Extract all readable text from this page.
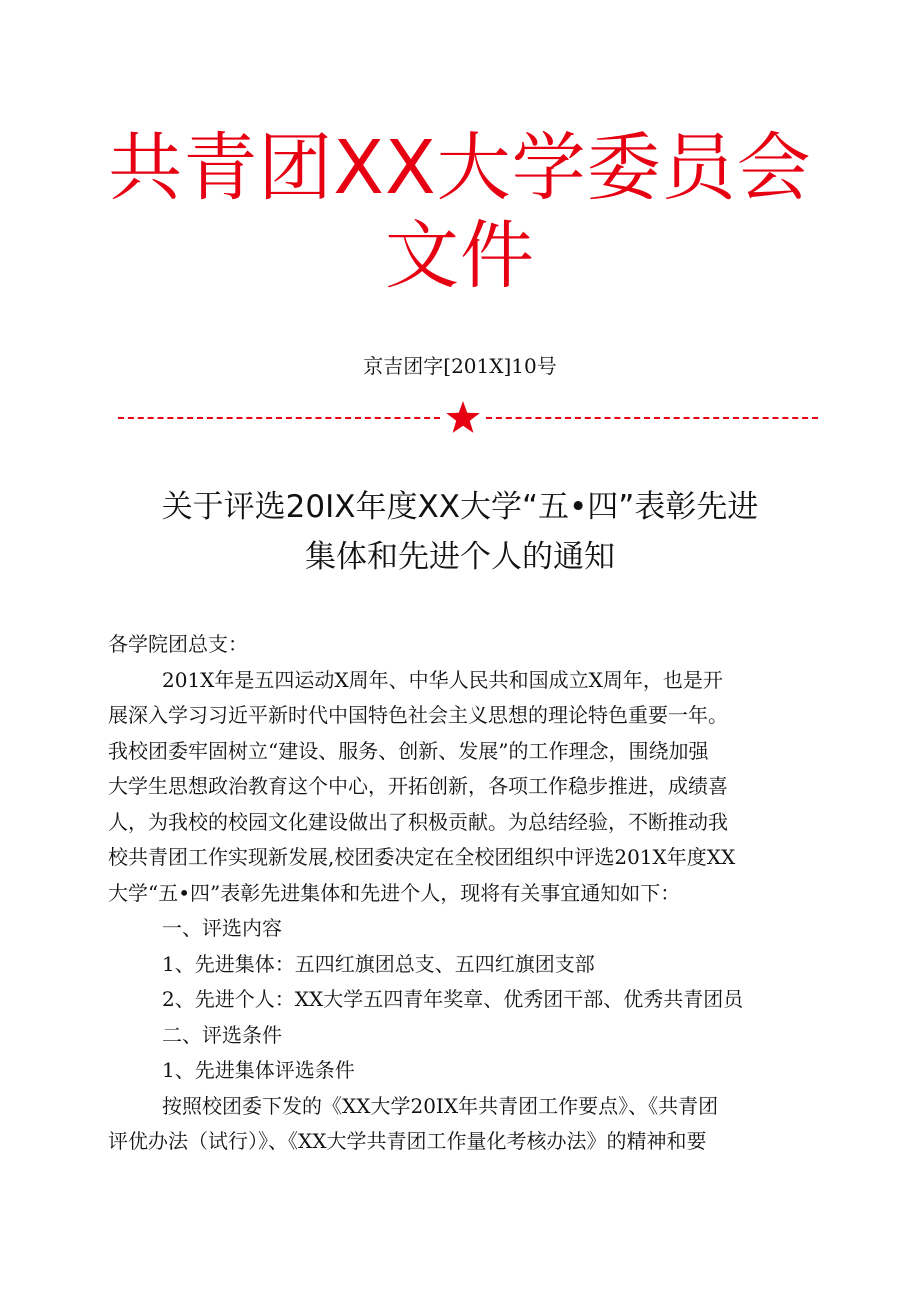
共青团XX大学委员会
文件
京吉团字[201X]10号
关于评选20IX年度XX大学“五•四”表彰先进
集体和先进个人的通知

各学院团总支：

201X年是五四运动X周年、中华人民共和国成立X周年，也是开

展深入学习习近平新时代中国特色社会主义思想的理论特色重要一年。

我校团委牢固树立“建设、服务、创新、发展”的工作理念，围绕加强

大学生思想政治教育这个中心，开拓创新，各项工作稳步推进，成绩喜

人，为我校的校园文化建设做出了积极贡献。为总结经验，不断推动我

校共青团工作实现新发展,校团委决定在全校团组织中评选201X年度XX

大学“五•四”表彰先进集体和先进个人，现将有关事宜通知如下：

一、评选内容

1、先进集体：五四红旗团总支、五四红旗团支部

2、先进个人：XX大学五四青年奖章、优秀团干部、优秀共青团员

二、评选条件

1、先进集体评选条件

按照校团委下发的《XX大学20IX年共青团工作要点》、《共青团

评优办法（试行）》、《XX大学共青团工作量化考核办法》的精神和要
